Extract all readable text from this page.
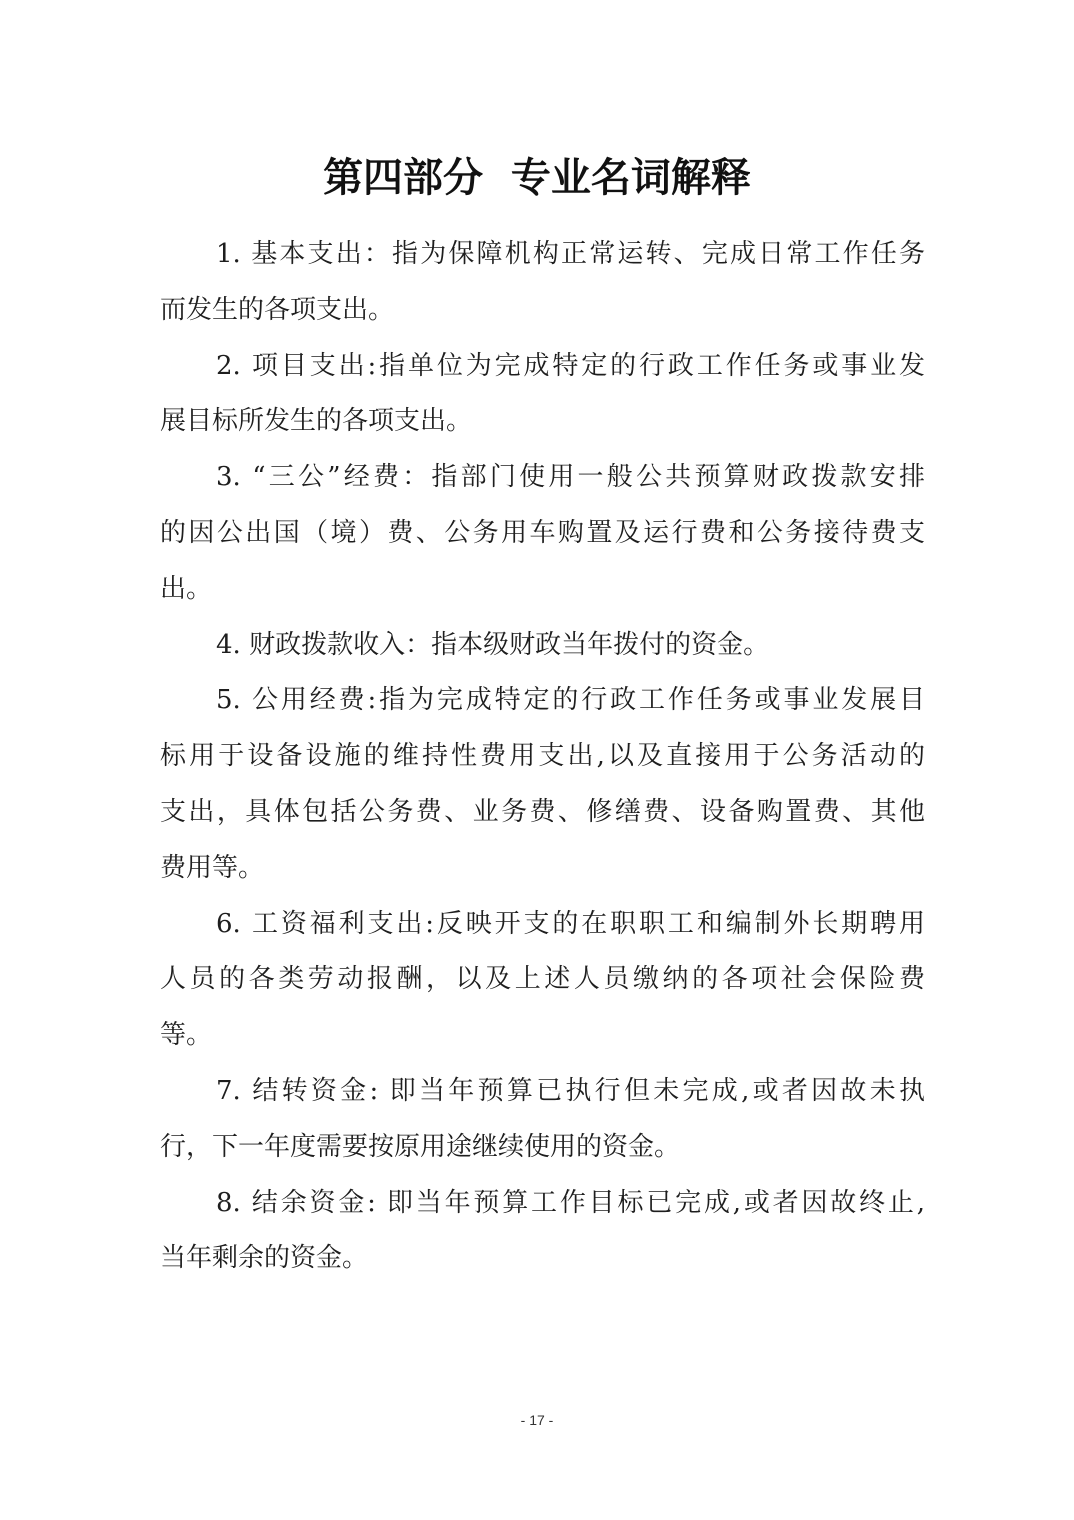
第四部分  专业名词解释
1. 基本支出：指为保障机构正常运转、完成日常工作任务
而发生的各项支出。
2. 项目支出:指单位为完成特定的行政工作任务或事业发
展目标所发生的各项支出。
3. “三公”经费：指部门使用一般公共预算财政拨款安排
的因公出国（境）费、公务用车购置及运行费和公务接待费支
出。
4. 财政拨款收入：指本级财政当年拨付的资金。
5. 公用经费:指为完成特定的行政工作任务或事业发展目
标用于设备设施的维持性费用支出,以及直接用于公务活动的
支出，具体包括公务费、业务费、修缮费、设备购置费、其他
费用等。
6. 工资福利支出:反映开支的在职职工和编制外长期聘用
人员的各类劳动报酬，以及上述人员缴纳的各项社会保险费
等。
7. 结转资金: 即当年预算已执行但未完成,或者因故未执
行，下一年度需要按原用途继续使用的资金。
8. 结余资金: 即当年预算工作目标已完成,或者因故终止,
当年剩余的资金。
- 17 -
